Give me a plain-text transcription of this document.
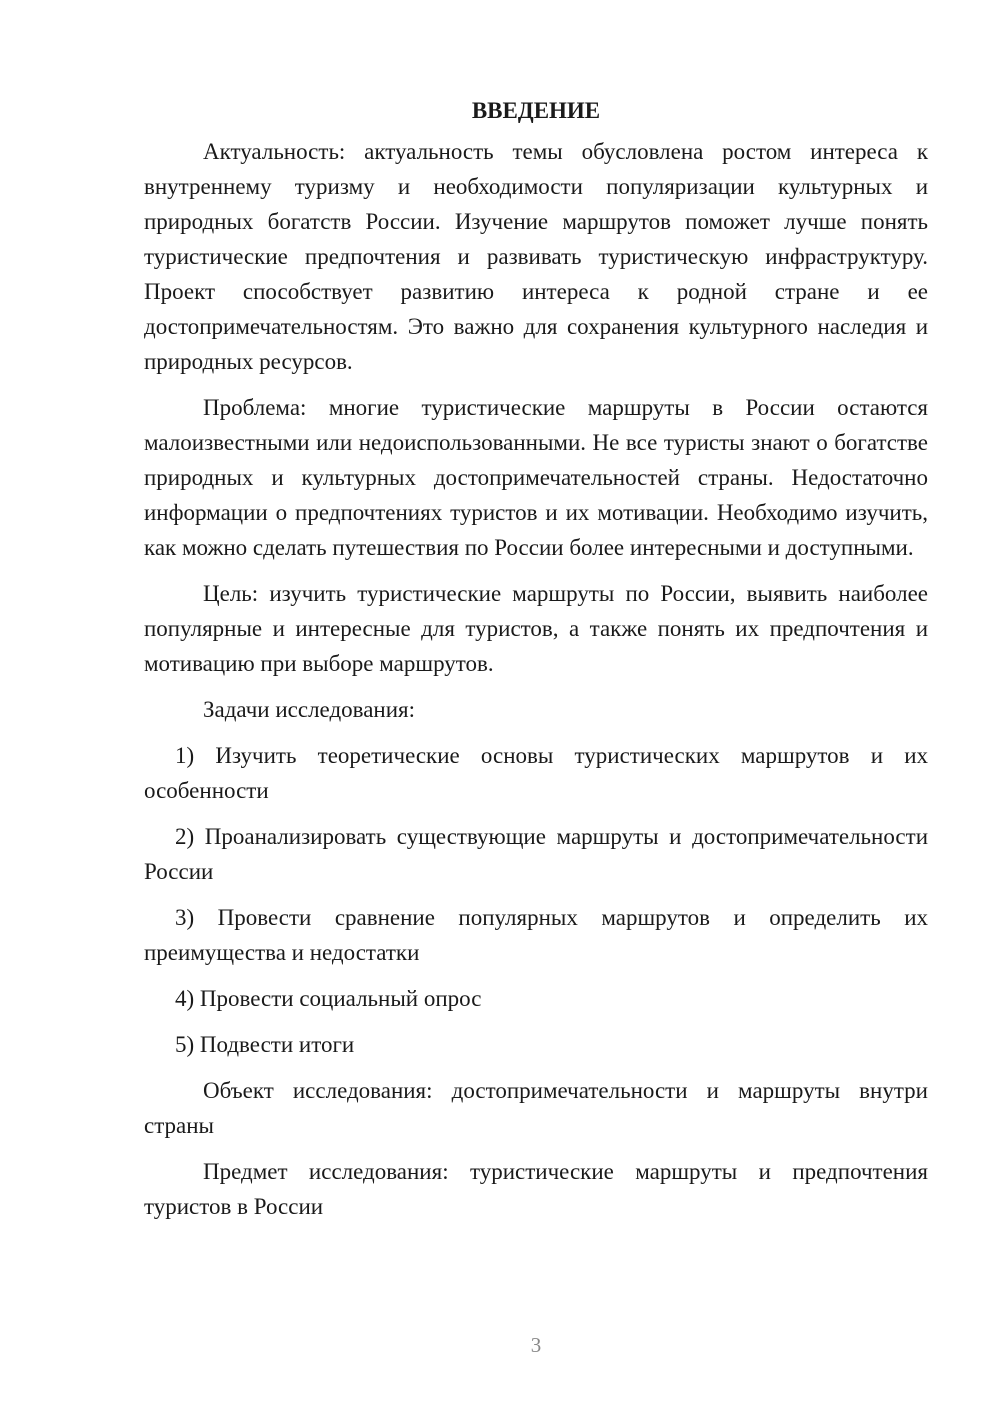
ВВЕДЕНИЕ

Актуальность: актуальность темы обусловлена ростом интереса к внутреннему туризму и необходимости популяризации культурных и природных богатств России. Изучение маршрутов поможет лучше понять туристические предпочтения и развивать туристическую инфраструктуру. Проект способствует развитию интереса к родной стране и ее достопримечательностям. Это важно для сохранения культурного наследия и природных ресурсов.

Проблема: многие туристические маршруты в России остаются малоизвестными или недоиспользованными. Не все туристы знают о богатстве природных и культурных достопримечательностей страны. Недостаточно информации о предпочтениях туристов и их мотивации. Необходимо изучить, как можно сделать путешествия по России более интересными и доступными.

Цель: изучить туристические маршруты по России, выявить наиболее популярные и интересные для туристов, а также понять их предпочтения и мотивацию при выборе маршрутов.

Задачи исследования:

1) Изучить теоретические основы туристических маршрутов и их особенности

2) Проанализировать существующие маршруты и достопримечательности России

3) Провести сравнение популярных маршрутов и определить их преимущества и недостатки

4) Провести социальный опрос

5) Подвести итоги

Объект исследования: достопримечательности и маршруты внутри страны

Предмет исследования: туристические маршруты и предпочтения туристов в России

3
